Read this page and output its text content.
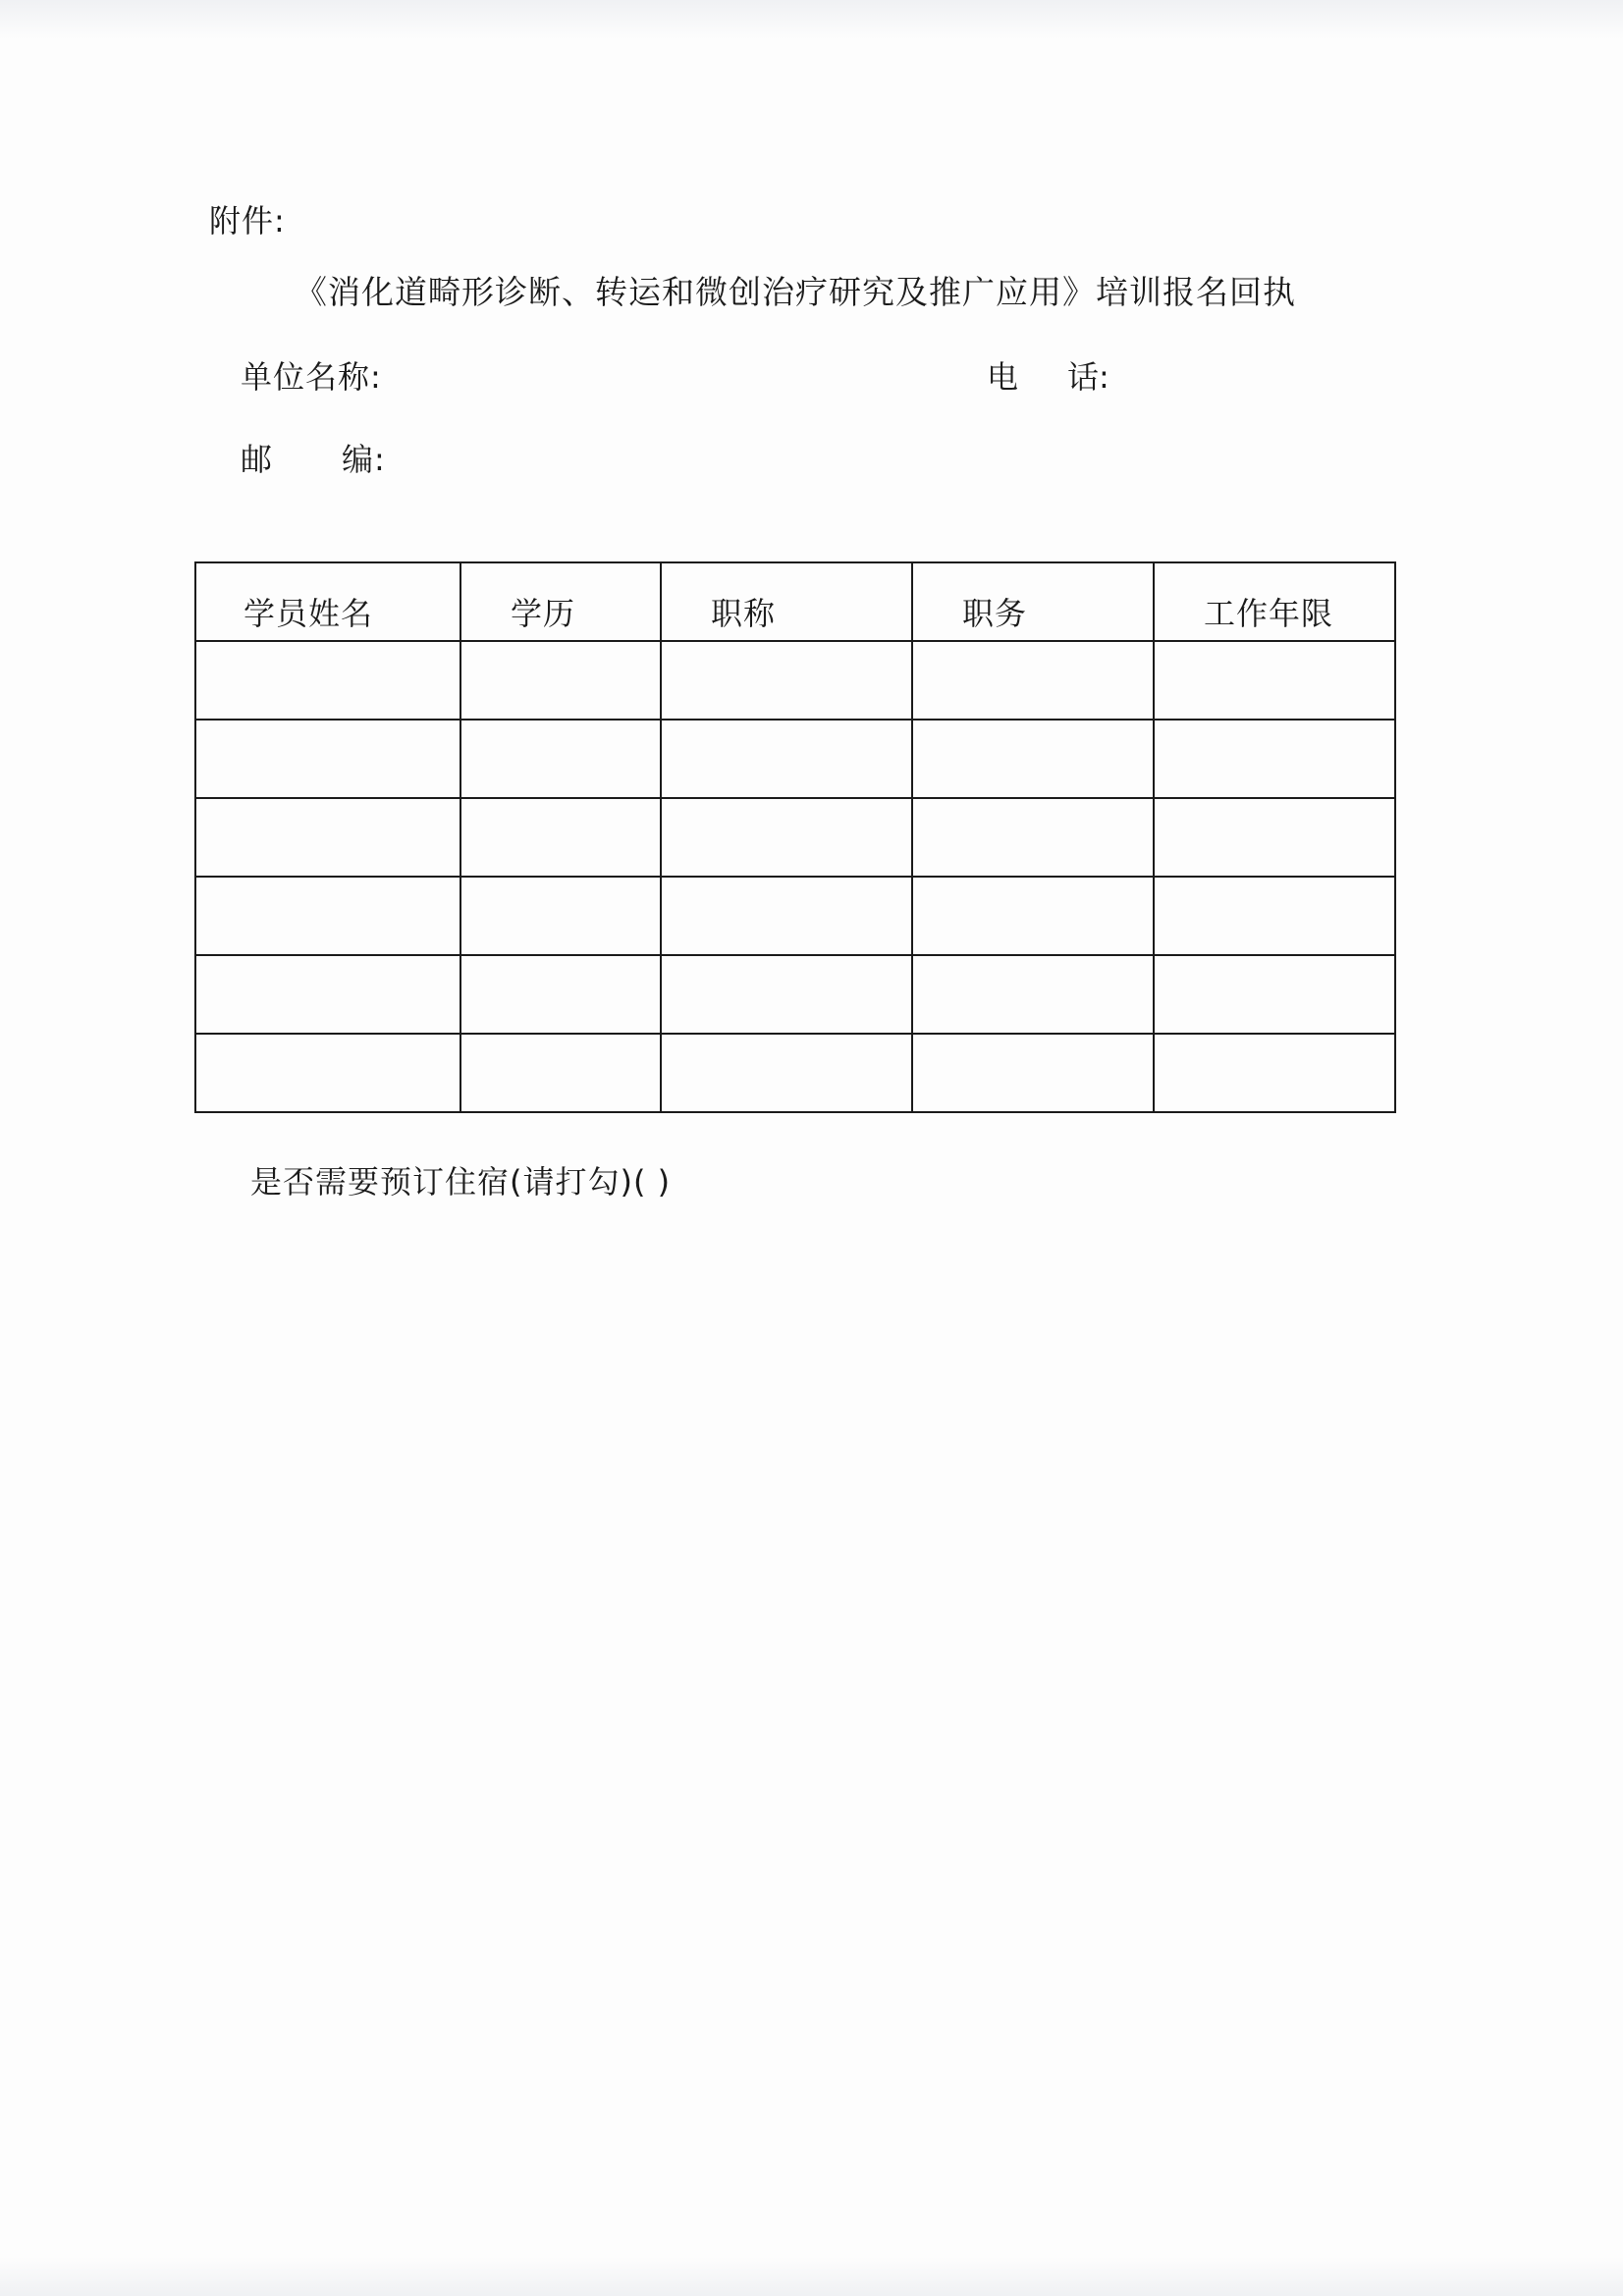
附件:
《消化道畸形诊断、转运和微创治疗研究及推广应用》培训报名回执
单位名称:	电 话:
邮 编:
学员姓名	学历	职称	职务	工作年限

是否需要预订住宿(请打勾)( )
